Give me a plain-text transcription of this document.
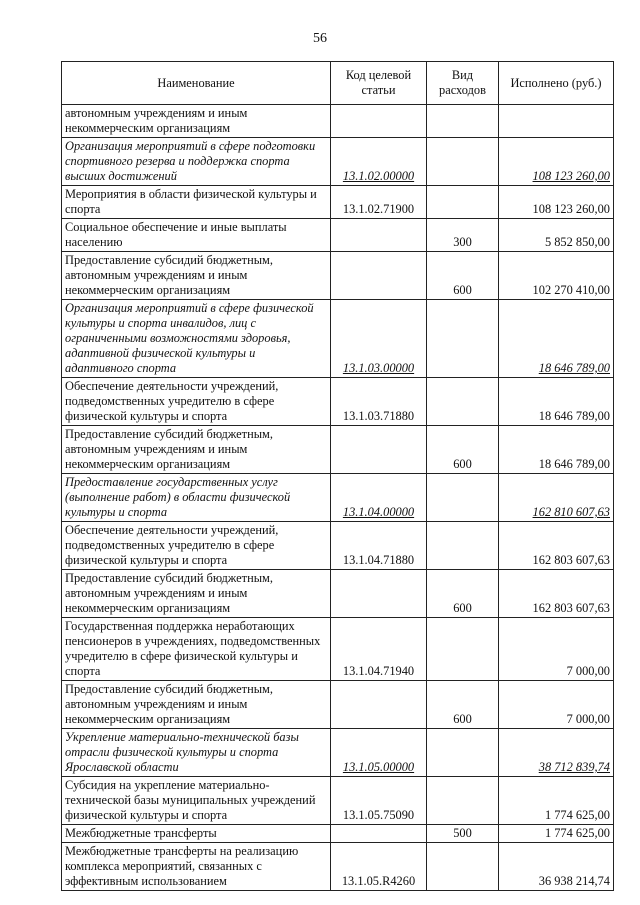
56
Наименование	Код целевой статьи	Вид расходов	Исполнено (руб.)
автономным учреждениям и иным некоммерческим организациям			
Организация мероприятий в сфере подготовки спортивного резерва и поддержка спорта высших достижений	13.1.02.00000		108 123 260,00
Мероприятия в области физической культуры и спорта	13.1.02.71900		108 123 260,00
Социальное обеспечение и иные выплаты населению		300	5 852 850,00
Предоставление субсидий бюджетным, автономным учреждениям и иным некоммерческим организациям		600	102 270 410,00
Организация мероприятий в сфере физической культуры и спорта инвалидов, лиц с ограниченными возможностями здоровья, адаптивной физической культуры и адаптивного спорта	13.1.03.00000		18 646 789,00
Обеспечение деятельности учреждений, подведомственных учредителю в сфере физической культуры и спорта	13.1.03.71880		18 646 789,00
Предоставление субсидий бюджетным, автономным учреждениям и иным некоммерческим организациям		600	18 646 789,00
Предоставление государственных услуг (выполнение работ) в области физической культуры и спорта	13.1.04.00000		162 810 607,63
Обеспечение деятельности учреждений, подведомственных учредителю в сфере физической культуры и спорта	13.1.04.71880		162 803 607,63
Предоставление субсидий бюджетным, автономным учреждениям и иным некоммерческим организациям		600	162 803 607,63
Государственная поддержка неработающих пенсионеров в учреждениях, подведомственных учредителю в сфере физической культуры и спорта	13.1.04.71940		7 000,00
Предоставление субсидий бюджетным, автономным учреждениям и иным некоммерческим организациям		600	7 000,00
Укрепление материально-технической базы отрасли физической культуры и спорта Ярославской области	13.1.05.00000		38 712 839,74
Субсидия на укрепление материально-технической базы муниципальных учреждений физической культуры и спорта	13.1.05.75090		1 774 625,00
Межбюджетные трансферты		500	1 774 625,00
Межбюджетные трансферты на реализацию комплекса мероприятий, связанных с эффективным использованием	13.1.05.R4260		36 938 214,74
